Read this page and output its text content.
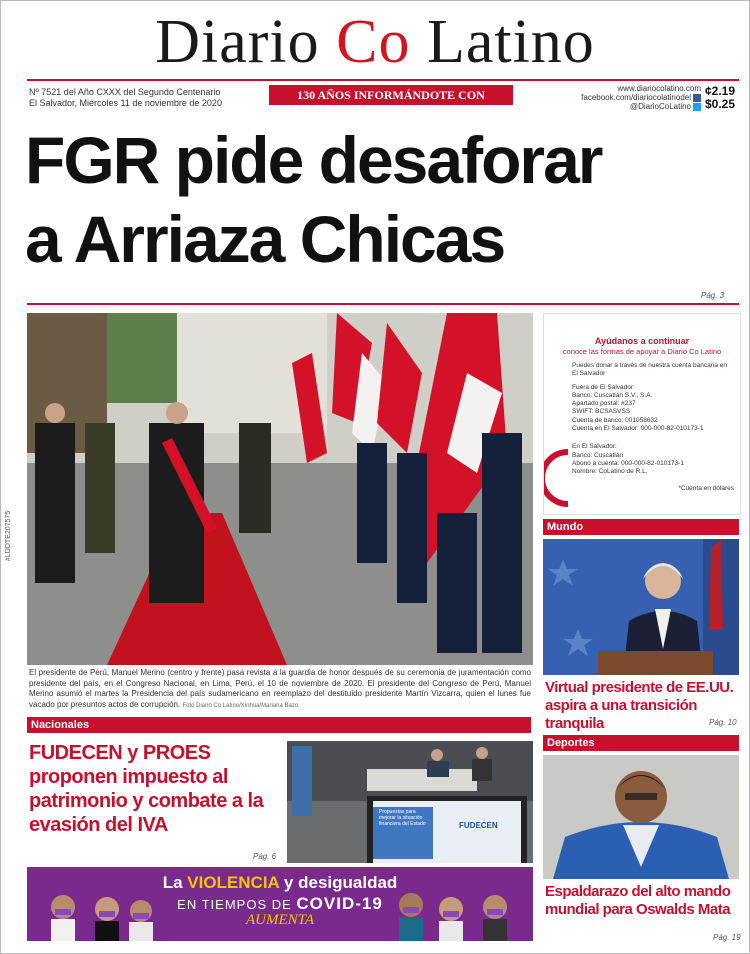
Diario Co Latino
Nº 7521 del Año CXXX del Segundo Centenario
El Salvador, Miércoles 11 de noviembre de 2020
130 AÑOS INFORMÁNDOTE CON CREDIBILIDAD
www.diariocolatino.com
facebook.com/diariocolatinodel
@DiarioCoLatino
¢2.19
$0.25
FGR pide desaforar
a Arriaza Chicas
Pág. 3
#LDDTE207575
El presidente de Perú, Manuel Merino (centro y frente) pasa revista a la guardia de honor después de su ceremonia de juramentación como presidente del país, en el Congreso Nacional, en Lima, Perú, el 10 de noviembre de 2020. El presidente del Congreso de Perú, Manuel Merino asumió el martes la Presidencia del país sudamericano en reemplazo del destituido presidente Martín Vizcarra, quien el lunes fue vacado por presuntos actos de corrupción. Foto Diario Co Latino/Xinhua/Mariana Bazo
Ayúdanos a continuar
conoce las formas de apoyar a Diario Co Latino
Puedes donar a través de nuestra cuenta bancaria en El Salvador
Fuera de El Salvador:
Banco: Cuscatlán S.V., S.A.
Apartado postal: #237
SWIFT: BCSASVSS
Cuenta de banco: 001058632
Cuenta en El Salvador: 000-000-82-010173-1
En El Salvador:
Banco: Cuscatlán
Abono a cuenta: 000-000-82-010173-1
Nombre: CoLatino de R.L.
*Cuenta en dólares
Mundo
Virtual presidente de EE.UU. aspira a una transición tranquila	Pág. 10
Deportes
Espaldarazo del alto mando mundial para Oswalds Mata
Pág. 19
Nacionales
FUDECEN y PROES proponen impuesto al patrimonio y combate a la evasión del IVA
Pág. 6
Propuestas para mejorar la situación financiera del Estado	FUDECEN
La VIOLENCIA y desigualdad
EN TIEMPOS DE COVID-19
AUMENTA
